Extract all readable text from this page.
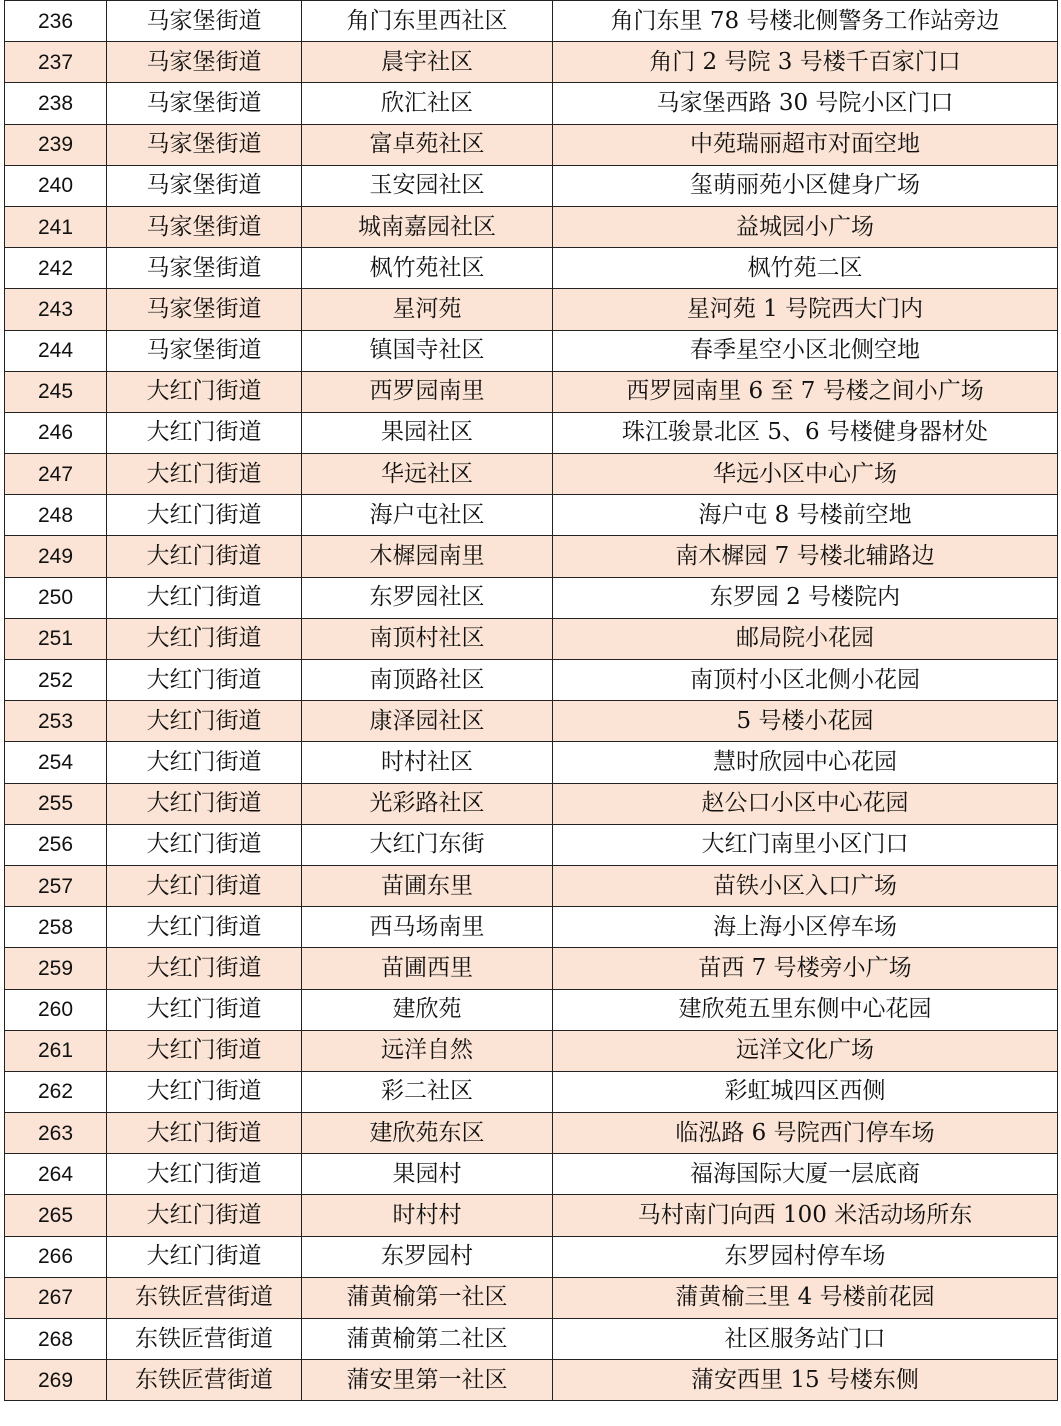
236	马家堡街道	角门东里西社区	角门东里 78 号楼北侧警务工作站旁边
237	马家堡街道	晨宇社区	角门 2 号院 3 号楼千百家门口
238	马家堡街道	欣汇社区	马家堡西路 30 号院小区门口
239	马家堡街道	富卓苑社区	中苑瑞丽超市对面空地
240	马家堡街道	玉安园社区	玺萌丽苑小区健身广场
241	马家堡街道	城南嘉园社区	益城园小广场
242	马家堡街道	枫竹苑社区	枫竹苑二区
243	马家堡街道	星河苑	星河苑 1 号院西大门内
244	马家堡街道	镇国寺社区	春季星空小区北侧空地
245	大红门街道	西罗园南里	西罗园南里 6 至 7 号楼之间小广场
246	大红门街道	果园社区	珠江骏景北区 5、6 号楼健身器材处
247	大红门街道	华远社区	华远小区中心广场
248	大红门街道	海户屯社区	海户屯 8 号楼前空地
249	大红门街道	木樨园南里	南木樨园 7 号楼北辅路边
250	大红门街道	东罗园社区	东罗园 2 号楼院内
251	大红门街道	南顶村社区	邮局院小花园
252	大红门街道	南顶路社区	南顶村小区北侧小花园
253	大红门街道	康泽园社区	5 号楼小花园
254	大红门街道	时村社区	慧时欣园中心花园
255	大红门街道	光彩路社区	赵公口小区中心花园
256	大红门街道	大红门东街	大红门南里小区门口
257	大红门街道	苗圃东里	苗铁小区入口广场
258	大红门街道	西马场南里	海上海小区停车场
259	大红门街道	苗圃西里	苗西 7 号楼旁小广场
260	大红门街道	建欣苑	建欣苑五里东侧中心花园
261	大红门街道	远洋自然	远洋文化广场
262	大红门街道	彩二社区	彩虹城四区西侧
263	大红门街道	建欣苑东区	临泓路 6 号院西门停车场
264	大红门街道	果园村	福海国际大厦一层底商
265	大红门街道	时村村	马村南门向西 100 米活动场所东
266	大红门街道	东罗园村	东罗园村停车场
267	东铁匠营街道	蒲黄榆第一社区	蒲黄榆三里 4 号楼前花园
268	东铁匠营街道	蒲黄榆第二社区	社区服务站门口
269	东铁匠营街道	蒲安里第一社区	蒲安西里 15 号楼东侧
